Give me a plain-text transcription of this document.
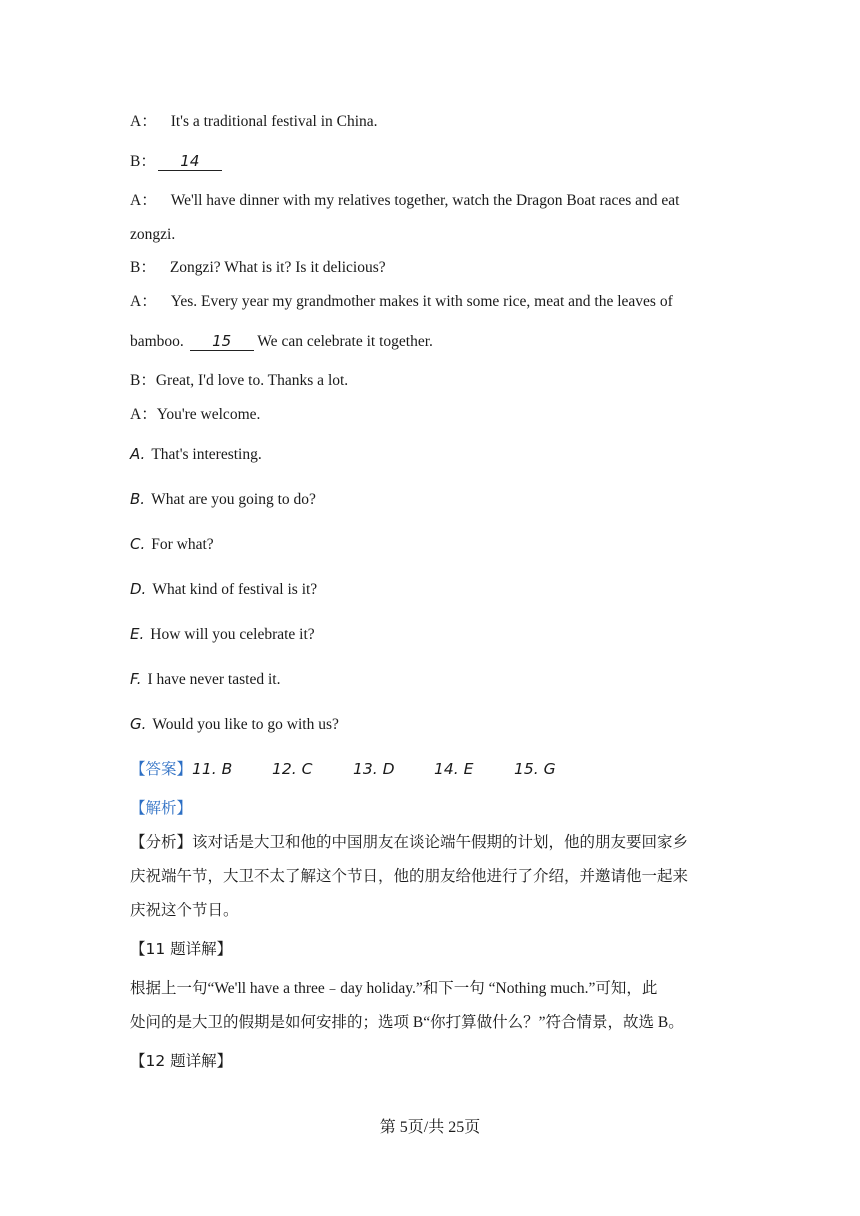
A： It's a traditional festival in China.
B： 14
A： We'll have dinner with my relatives together, watch the Dragon Boat races and eat
zongzi.
B： Zongzi? What is it? Is it delicious?
A： Yes. Every year my grandmother makes it with some rice, meat and the leaves of
bamboo. 15 We can celebrate it together.
B：Great, I'd love to. Thanks a lot.
A：You're welcome.
A. That's interesting.
B. What are you going to do?
C. For what?
D. What kind of festival is it?
E. How will you celebrate it?
F. I have never tasted it.
G. Would you like to go with us?
【答案】11. B	12. C	13. D	14. E	15. G
【解析】
【分析】该对话是大卫和他的中国朋友在谈论端午假期的计划，他的朋友要回家乡
庆祝端午节，大卫不太了解这个节日，他的朋友给他进行了介绍，并邀请他一起来
庆祝这个节日。
【11 题详解】
根据上一句“We'll have a three﹣day holiday.”和下一句 “Nothing much.”可知，此
处问的是大卫的假期是如何安排的；选项 B“你打算做什么？”符合情景，故选 B。
【12 题详解】
第 5页/共 25页
